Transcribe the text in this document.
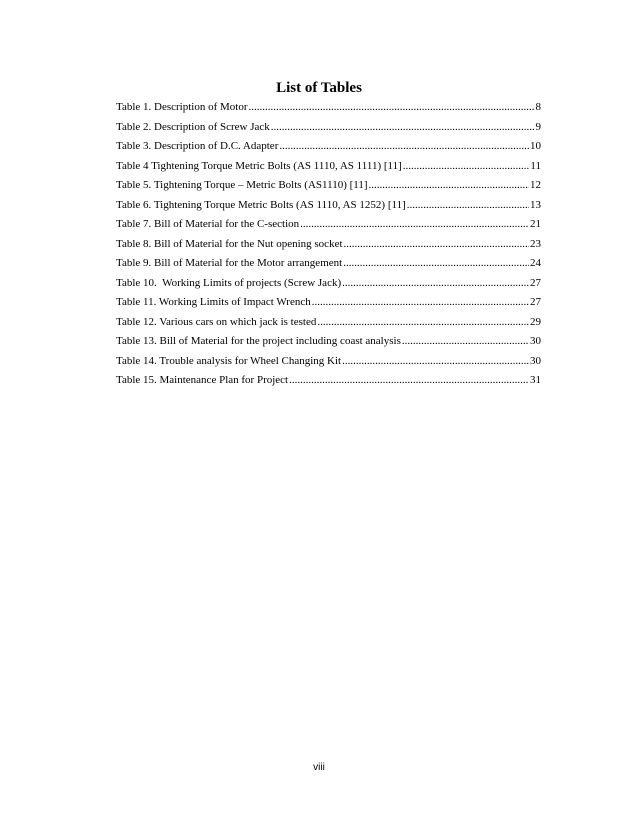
List of Tables
Table 1. Description of Motor .....	8
Table 2. Description of Screw Jack .....	9
Table 3. Description of D.C. Adapter .....	10
Table 4 Tightening Torque Metric Bolts (AS 1110, AS 1111) [11] .....	11
Table 5. Tightening Torque – Metric Bolts (AS1110) [11] .....	12
Table 6. Tightening Torque Metric Bolts (AS 1110, AS 1252) [11] .....	13
Table 7. Bill of Material for the C-section .....	21
Table 8. Bill of Material for the Nut opening socket .....	23
Table 9. Bill of Material for the Motor arrangement .....	24
Table 10.  Working Limits of projects (Screw Jack) .....	27
Table 11. Working Limits of Impact Wrench .....	27
Table 12. Various cars on which jack is tested .....	29
Table 13. Bill of Material for the project including coast analysis .....	30
Table 14. Trouble analysis for Wheel Changing Kit .....	30
Table 15. Maintenance Plan for Project .....	31
viii
